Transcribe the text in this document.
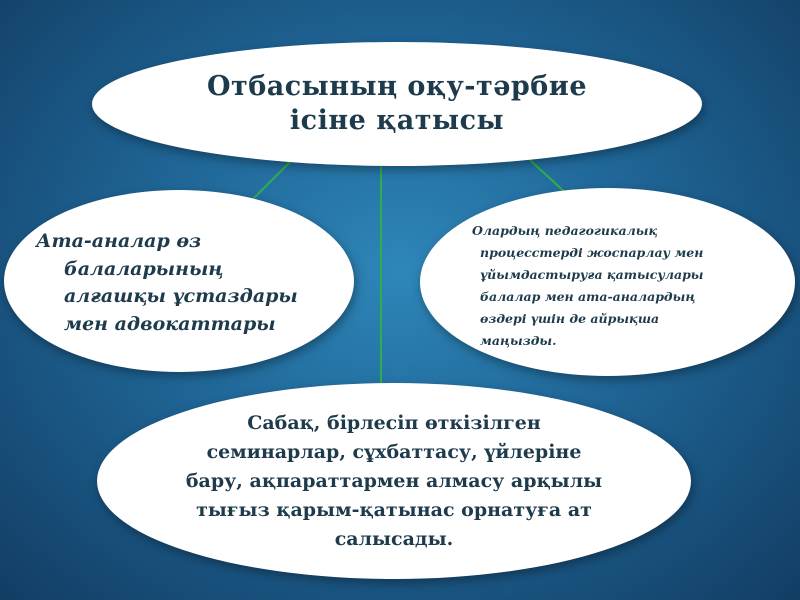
Отбасының оқу-тәрбие
ісіне қатысы
Ата-аналар өз балаларының алғашқы ұстаздары мен адвокаттары
Олардың педагогикалық процесстерді жоспарлау мен ұйымдастыруға қатысулары балалар мен ата-аналардың өздері үшін де айрықша маңызды.
Сабақ, бірлесіп өткізілген семинарлар, сұхбаттасу, үйлеріне бару, ақпараттармен алмасу арқылы тығыз қарым-қатынас орнатуға ат салысады.
